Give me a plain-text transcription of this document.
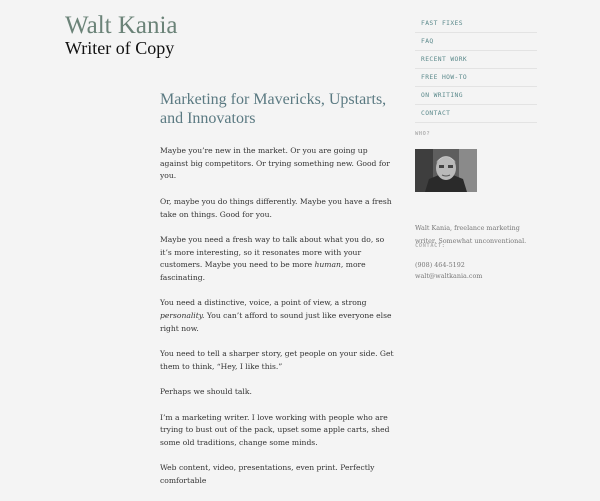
Walt Kania
Writer of Copy
Marketing for Mavericks, Upstarts, and Innovators

Maybe you’re new in the market. Or you are going up against big competitors. Or trying something new. Good for you.

Or, maybe you do things differently. Maybe you have a fresh take on things. Good for you.

Maybe you need a fresh way to talk about what you do, so it’s more interesting, so it resonates more with your customers. Maybe you need to be more human, more fascinating.

You need a distinctive, voice, a point of view, a strong personality. You can’t afford to sound just like everyone else right now.

You need to tell a sharper story, get people on your side. Get them to think, “Hey, I like this.”

Perhaps we should talk.

I’m a marketing writer. I love working with people who are trying to bust out of the pack, upset some apple carts, shed some old traditions, change some minds.

Web content, video, presentations, even print. Perfectly comfortable

FAST FIXES
FAQ
RECENT WORK
FREE HOW-TO
ON WRITING
CONTACT
WHO?

Walt Kania, freelance marketing writer. Somewhat unconventional.

CONTACT:
(908) 464-5192
walt@waltkania.com
